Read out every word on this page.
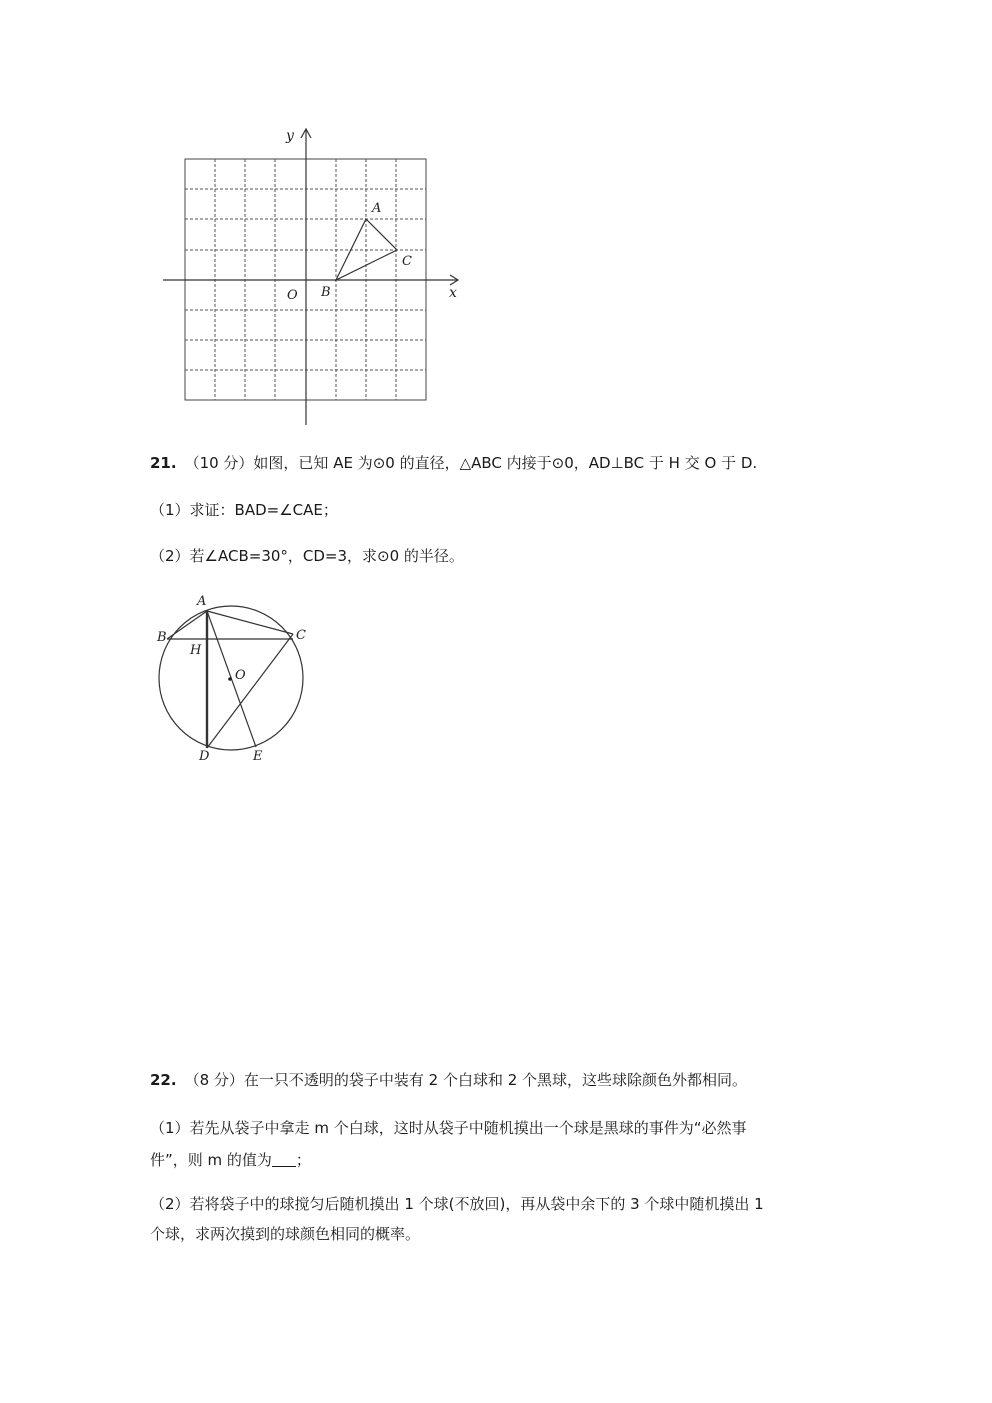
y
x
O
A
B
C
21. （10 分）如图，已知 AE 为⊙0 的直径，△ABC 内接于⊙0，AD⊥BC 于 H 交 O 于 D.
（1）求证：BAD=∠CAE；
（2）若∠ACB=30°，CD=3，求⊙0 的半径。
A
B	C
H
O
D	E
22. （8 分）在一只不透明的袋子中装有 2 个白球和 2 个黑球，这些球除颜色外都相同。
（1）若先从袋子中拿走 m 个白球，这时从袋子中随机摸出一个球是黑球的事件为“必然事
件”，则 m 的值为 ；
（2）若将袋子中的球搅匀后随机摸出 1 个球(不放回)，再从袋中余下的 3 个球中随机摸出 1
个球，求两次摸到的球颜色相同的概率。
